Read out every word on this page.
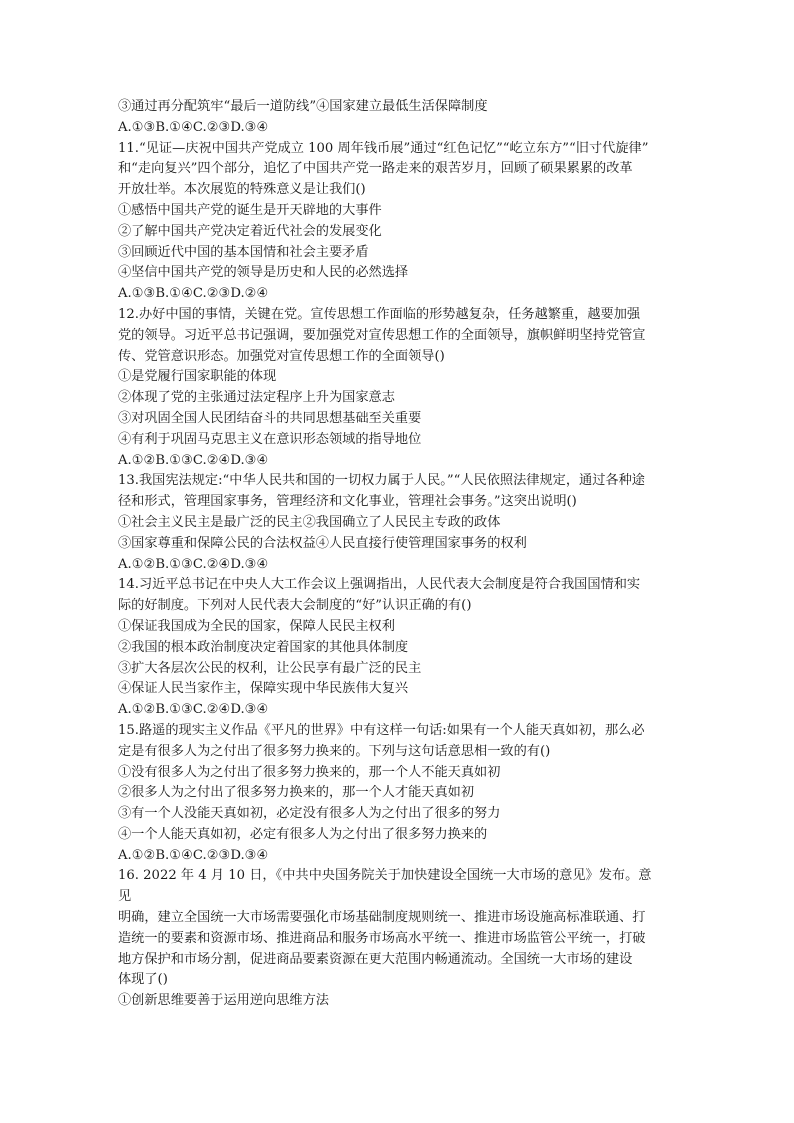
③通过再分配筑牢“最后一道防线”④国家建立最低生活保障制度
A.①③B.①④C.②③D.③④
11.“见证—庆祝中国共产党成立 100 周年钱币展”通过“红色记忆”“屹立东方”“旧寸代旋律”
和“走向复兴”四个部分，追忆了中国共产党一路走来的艰苦岁月，回顾了硕果累累的改革
开放壮举。本次展览的特殊意义是让我们()
①感悟中国共产党的诞生是开天辟地的大事件
②了解中国共产党决定着近代社会的发展变化
③回顾近代中国的基本国情和社会主要矛盾
④坚信中国共产党的领导是历史和人民的必然选择
A.①③B.①④C.②③D.②④
12.办好中国的事情，关键在党。宣传思想工作面临的形势越复杂，任务越繁重，越要加强
党的领导。习近平总书记强调，要加强党对宣传思想工作的全面领导，旗帜鲜明坚持党管宣
传、党管意识形态。加强党对宣传思想工作的全面领导()
①是党履行国家职能的体现
②体现了党的主张通过法定程序上升为国家意志
③对巩固全国人民团结奋斗的共同思想基础至关重要
④有利于巩固马克思主义在意识形态领域的指导地位
A.①②B.①③C.②④D.③④
13.我国宪法规定:“中华人民共和国的一切权力属于人民。”“人民依照法律规定，通过各种途
径和形式，管理国家事务，管理经济和文化事业，管理社会事务。”这突出说明()
①社会主义民主是最广泛的民主②我国确立了人民民主专政的政体
③国家尊重和保障公民的合法权益④人民直接行使管理国家事务的权利
A.①②B.①③C.②④D.③④
14.习近平总书记在中央人大工作会议上强调指出，人民代表大会制度是符合我国国情和实
际的好制度。下列对人民代表大会制度的“好”认识正确的有()
①保证我国成为全民的国家，保障人民民主权利
②我国的根本政治制度决定着国家的其他具体制度
③扩大各层次公民的权利，让公民享有最广泛的民主
④保证人民当家作主，保障实现中华民族伟大复兴
A.①②B.①③C.②④D.③④
15.路遥的现实主义作品《平凡的世界》中有这样一句话:如果有一个人能天真如初，那么必
定是有很多人为之付出了很多努力换来的。下列与这句话意思相一致的有()
①没有很多人为之付出了很多努力换来的，那一个人不能天真如初
②很多人为之付出了很多努力换来的，那一个人才能天真如初
③有一个人没能天真如初，必定没有很多人为之付出了很多的努力
④一个人能天真如初，必定有很多人为之付出了很多努力换来的
A.①②B.①④C.②③D.③④
16. 2022 年 4 月 10 日，《中共中央国务院关于加快建设全国统一大市场的意见》发布。意
见
明确，建立全国统一大市场需要强化市场基础制度规则统一、推进市场设施高标准联通、打
造统一的要素和资源市场、推进商品和服务市场高水平统一、推进市场监管公平统一，打破
地方保护和市场分割，促进商品要素资源在更大范围内畅通流动。全国统一大市场的建设
体现了()
①创新思维要善于运用逆向思维方法
